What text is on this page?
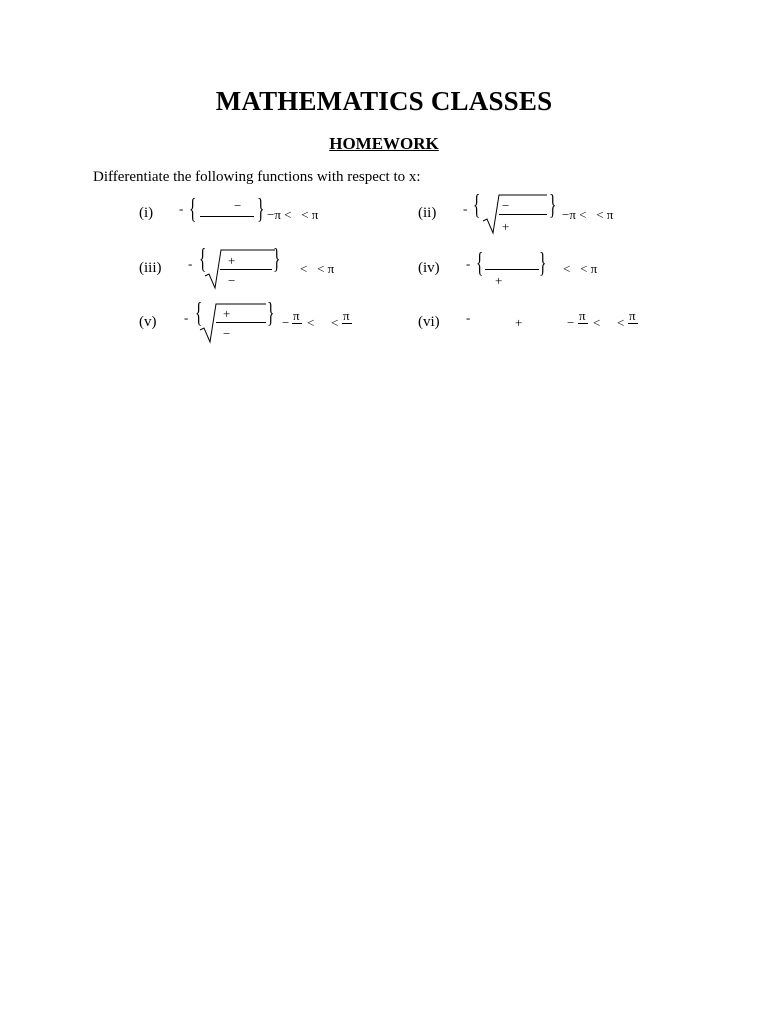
MATHEMATICS CLASSES
HOMEWORK
Differentiate the following functions with respect to x:
(i) - {	− } −π <   < π	(ii) - { −
+
} −π <   < π
(iii) - { +
−
} <   < π	(iv) - {
+
} <   < π
(v) - { +
−
} − π < < π	(vi) -	+	− π < < π
